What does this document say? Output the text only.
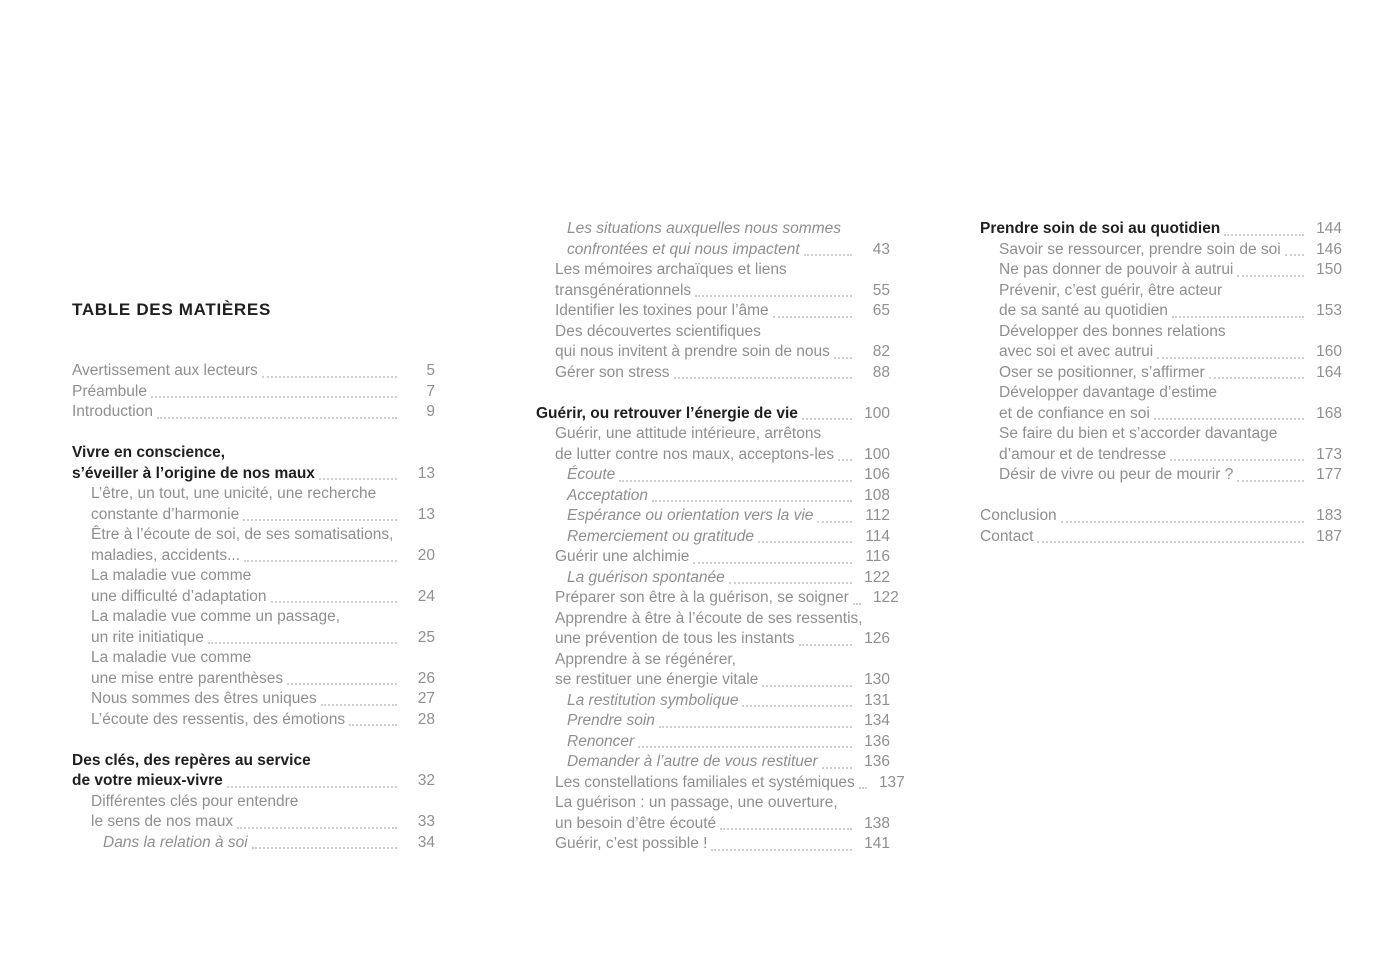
TABLE DES MATIÈRES
Avertissement aux lecteurs	5
Préambule	7
Introduction	9
Vivre en conscience,
s’éveiller à l’origine de nos maux	13
L’être, un tout, une unicité, une recherche
constante d’harmonie	13
Être à l’écoute de soi, de ses somatisations,
maladies, accidents...	20
La maladie vue comme
une difficulté d’adaptation	24
La maladie vue comme un passage,
un rite initiatique	25
La maladie vue comme
une mise entre parenthèses	26
Nous sommes des êtres uniques	27
L’écoute des ressentis, des émotions	28
Des clés, des repères au service
de votre mieux-vivre	32
Différentes clés pour entendre
le sens de nos maux	33
Dans la relation à soi	34
Les situations auxquelles nous sommes
confrontées et qui nous impactent	43
Les mémoires archaïques et liens
transgénérationnels	55
Identifier les toxines pour l’âme	65
Des découvertes scientifiques
qui nous invitent à prendre soin de nous	82
Gérer son stress	88
Guérir, ou retrouver l’énergie de vie	100
Guérir, une attitude intérieure, arrêtons
de lutter contre nos maux, acceptons-les	100
Écoute	106
Acceptation	108
Espérance ou orientation vers la vie	112
Remerciement ou gratitude	114
Guérir une alchimie	116
La guérison spontanée	122
Préparer son être à la guérison, se soigner	122
Apprendre à être à l’écoute de ses ressentis,
une prévention de tous les instants	126
Apprendre à se régénérer,
se restituer une énergie vitale	130
La restitution symbolique	131
Prendre soin	134
Renoncer	136
Demander à l’autre de vous restituer	136
Les constellations familiales et systémiques	137
La guérison : un passage, une ouverture,
un besoin d’être écouté	138
Guérir, c’est possible !	141
Prendre soin de soi au quotidien	144
Savoir se ressourcer, prendre soin de soi	146
Ne pas donner de pouvoir à autrui	150
Prévenir, c’est guérir, être acteur
de sa santé au quotidien	153
Développer des bonnes relations
avec soi et avec autrui	160
Oser se positionner, s’affirmer	164
Développer davantage d’estime
et de confiance en soi	168
Se faire du bien et s’accorder davantage
d’amour et de tendresse	173
Désir de vivre ou peur de mourir ?	177
Conclusion	183
Contact	187
